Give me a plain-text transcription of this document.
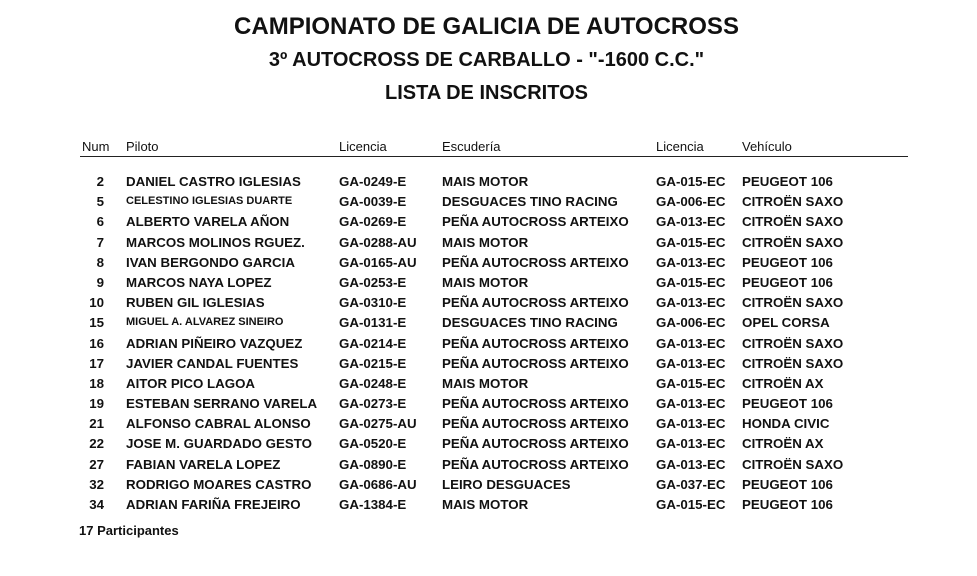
CAMPIONATO DE GALICIA DE AUTOCROSS
3º AUTOCROSS DE CARBALLO - "-1600 C.C."
LISTA DE INSCRITOS
Num Piloto	Licencia	Escudería	Licencia	Vehículo
2 DANIEL CASTRO IGLESIAS	GA-0249-E	MAIS MOTOR	GA-015-EC PEUGEOT 106
5 CELESTINO IGLESIAS DUARTE	GA-0039-E	DESGUACES TINO RACING	GA-006-EC CITROËN SAXO
6 ALBERTO VARELA AÑON	GA-0269-E	PEÑA AUTOCROSS ARTEIXO GA-013-EC CITROËN SAXO
7 MARCOS MOLINOS RGUEZ.	GA-0288-AU MAIS MOTOR	GA-015-EC CITROËN SAXO
8 IVAN BERGONDO GARCIA	GA-0165-AU PEÑA AUTOCROSS ARTEIXO GA-013-EC PEUGEOT 106
9 MARCOS NAYA LOPEZ	GA-0253-E	MAIS MOTOR	GA-015-EC PEUGEOT 106
10 RUBEN GIL IGLESIAS	GA-0310-E	PEÑA AUTOCROSS ARTEIXO GA-013-EC CITROËN SAXO
15 MIGUEL A. ALVAREZ SINEIRO	GA-0131-E	DESGUACES TINO RACING	GA-006-EC OPEL CORSA
16 ADRIAN PIÑEIRO VAZQUEZ	GA-0214-E	PEÑA AUTOCROSS ARTEIXO GA-013-EC CITROËN SAXO
17 JAVIER CANDAL FUENTES	GA-0215-E	PEÑA AUTOCROSS ARTEIXO GA-013-EC CITROËN SAXO
18 AITOR PICO LAGOA	GA-0248-E	MAIS MOTOR	GA-015-EC CITROËN AX
19 ESTEBAN SERRANO VARELA GA-0273-E	PEÑA AUTOCROSS ARTEIXO GA-013-EC PEUGEOT 106
21 ALFONSO CABRAL ALONSO GA-0275-AU PEÑA AUTOCROSS ARTEIXO GA-013-EC HONDA CIVIC
22 JOSE M. GUARDADO GESTO GA-0520-E	PEÑA AUTOCROSS ARTEIXO GA-013-EC CITROËN AX
27 FABIAN VARELA LOPEZ	GA-0890-E	PEÑA AUTOCROSS ARTEIXO GA-013-EC CITROËN SAXO
32 RODRIGO MOARES CASTRO GA-0686-AU LEIRO DESGUACES	GA-037-EC PEUGEOT 106
34 ADRIAN FARIÑA FREJEIRO	GA-1384-E	MAIS MOTOR	GA-015-EC PEUGEOT 106
17 Participantes
